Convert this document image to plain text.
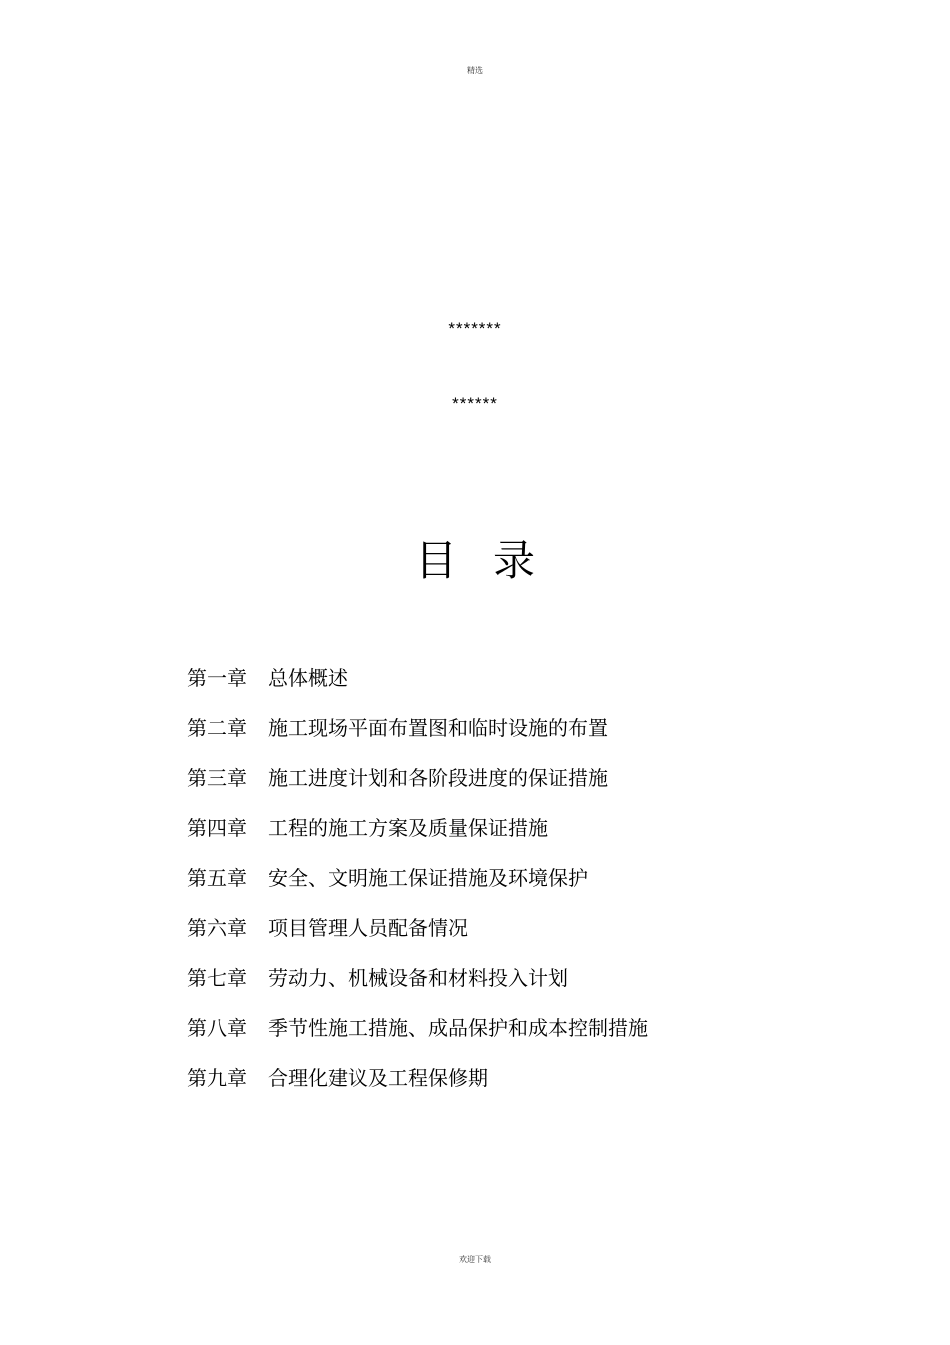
精选
*******
******
目录
第一章	总体概述
第二章	施工现场平面布置图和临时设施的布置
第三章	施工进度计划和各阶段进度的保证措施
第四章	工程的施工方案及质量保证措施
第五章	安全、文明施工保证措施及环境保护
第六章	项目管理人员配备情况
第七章	劳动力、机械设备和材料投入计划
第八章	季节性施工措施、成品保护和成本控制措施
第九章	合理化建议及工程保修期
欢迎下载
